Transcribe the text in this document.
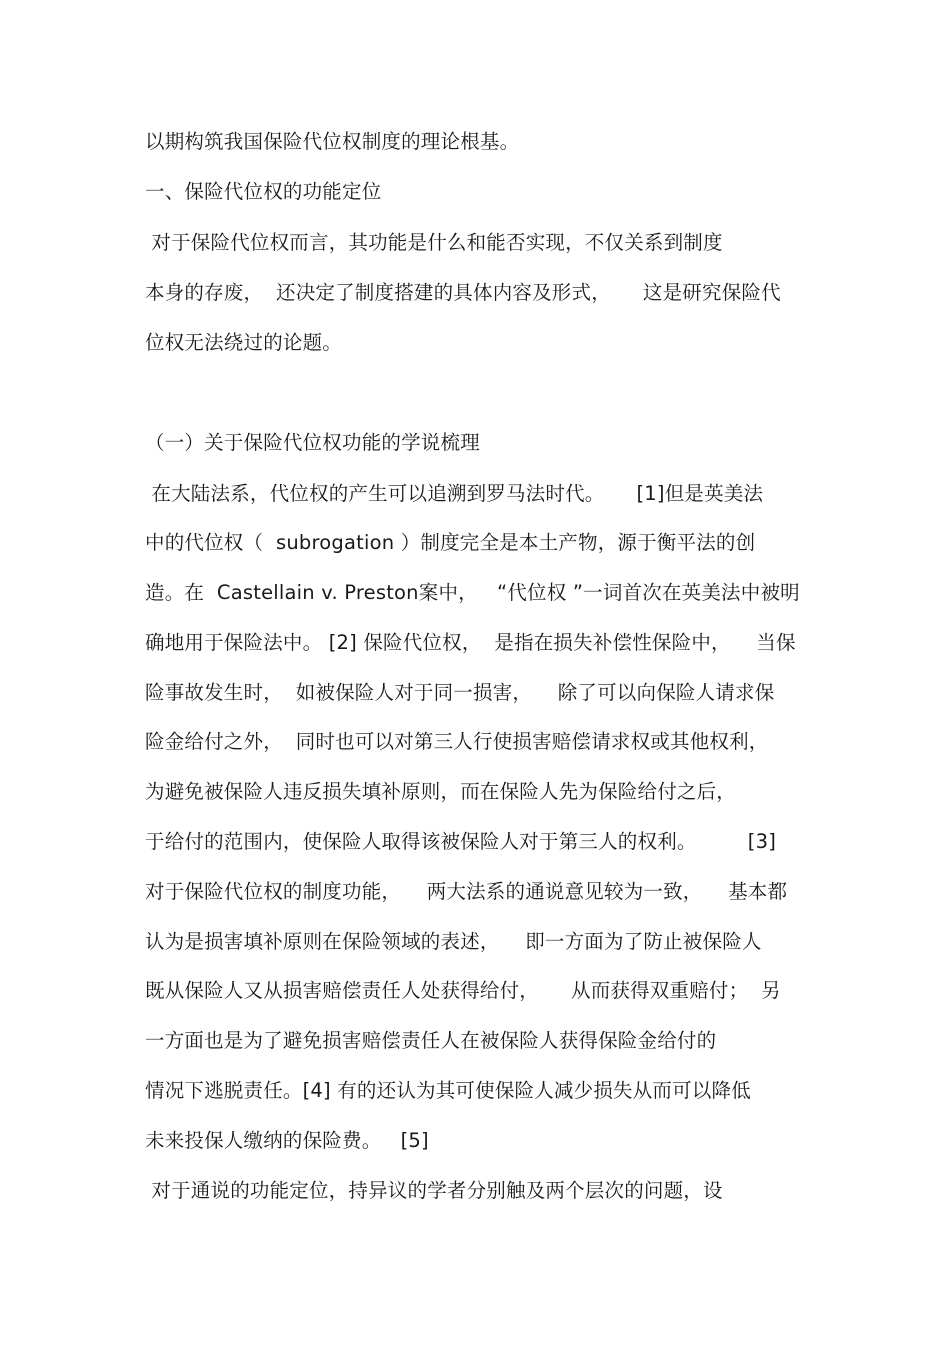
以期构筑我国保险代位权制度的理论根基。
一、保险代位权的功能定位
对于保险代位权而言，其功能是什么和能否实现，不仅关系到制度
本身的存废，  还决定了制度搭建的具体内容及形式，     这是研究保险代
位权无法绕过的论题。
（一）关于保险代位权功能的学说梳理
在大陆法系，代位权的产生可以追溯到罗马法时代。     [1]但是英美法
中的代位权（  subrogation ）制度完全是本土产物，源于衡平法的创
造。在  Castellain v. Preston案中，   “代位权 ”一词首次在英美法中被明
确地用于保险法中。 [2] 保险代位权，  是指在损失补偿性保险中，    当保
险事故发生时，  如被保险人对于同一损害，    除了可以向保险人请求保
险金给付之外，  同时也可以对第三人行使损害赔偿请求权或其他权利，
为避免被保险人违反损失填补原则，而在保险人先为保险给付之后，
于给付的范围内，使保险人取得该被保险人对于第三人的权利。        [3]
对于保险代位权的制度功能，    两大法系的通说意见较为一致，    基本都
认为是损害填补原则在保险领域的表述，    即一方面为了防止被保险人
既从保险人又从损害赔偿责任人处获得给付，     从而获得双重赔付；  另
一方面也是为了避免损害赔偿责任人在被保险人获得保险金给付的
情况下逃脱责任。[4] 有的还认为其可使保险人减少损失从而可以降低
未来投保人缴纳的保险费。   [5]
对于通说的功能定位，持异议的学者分别触及两个层次的问题，设
